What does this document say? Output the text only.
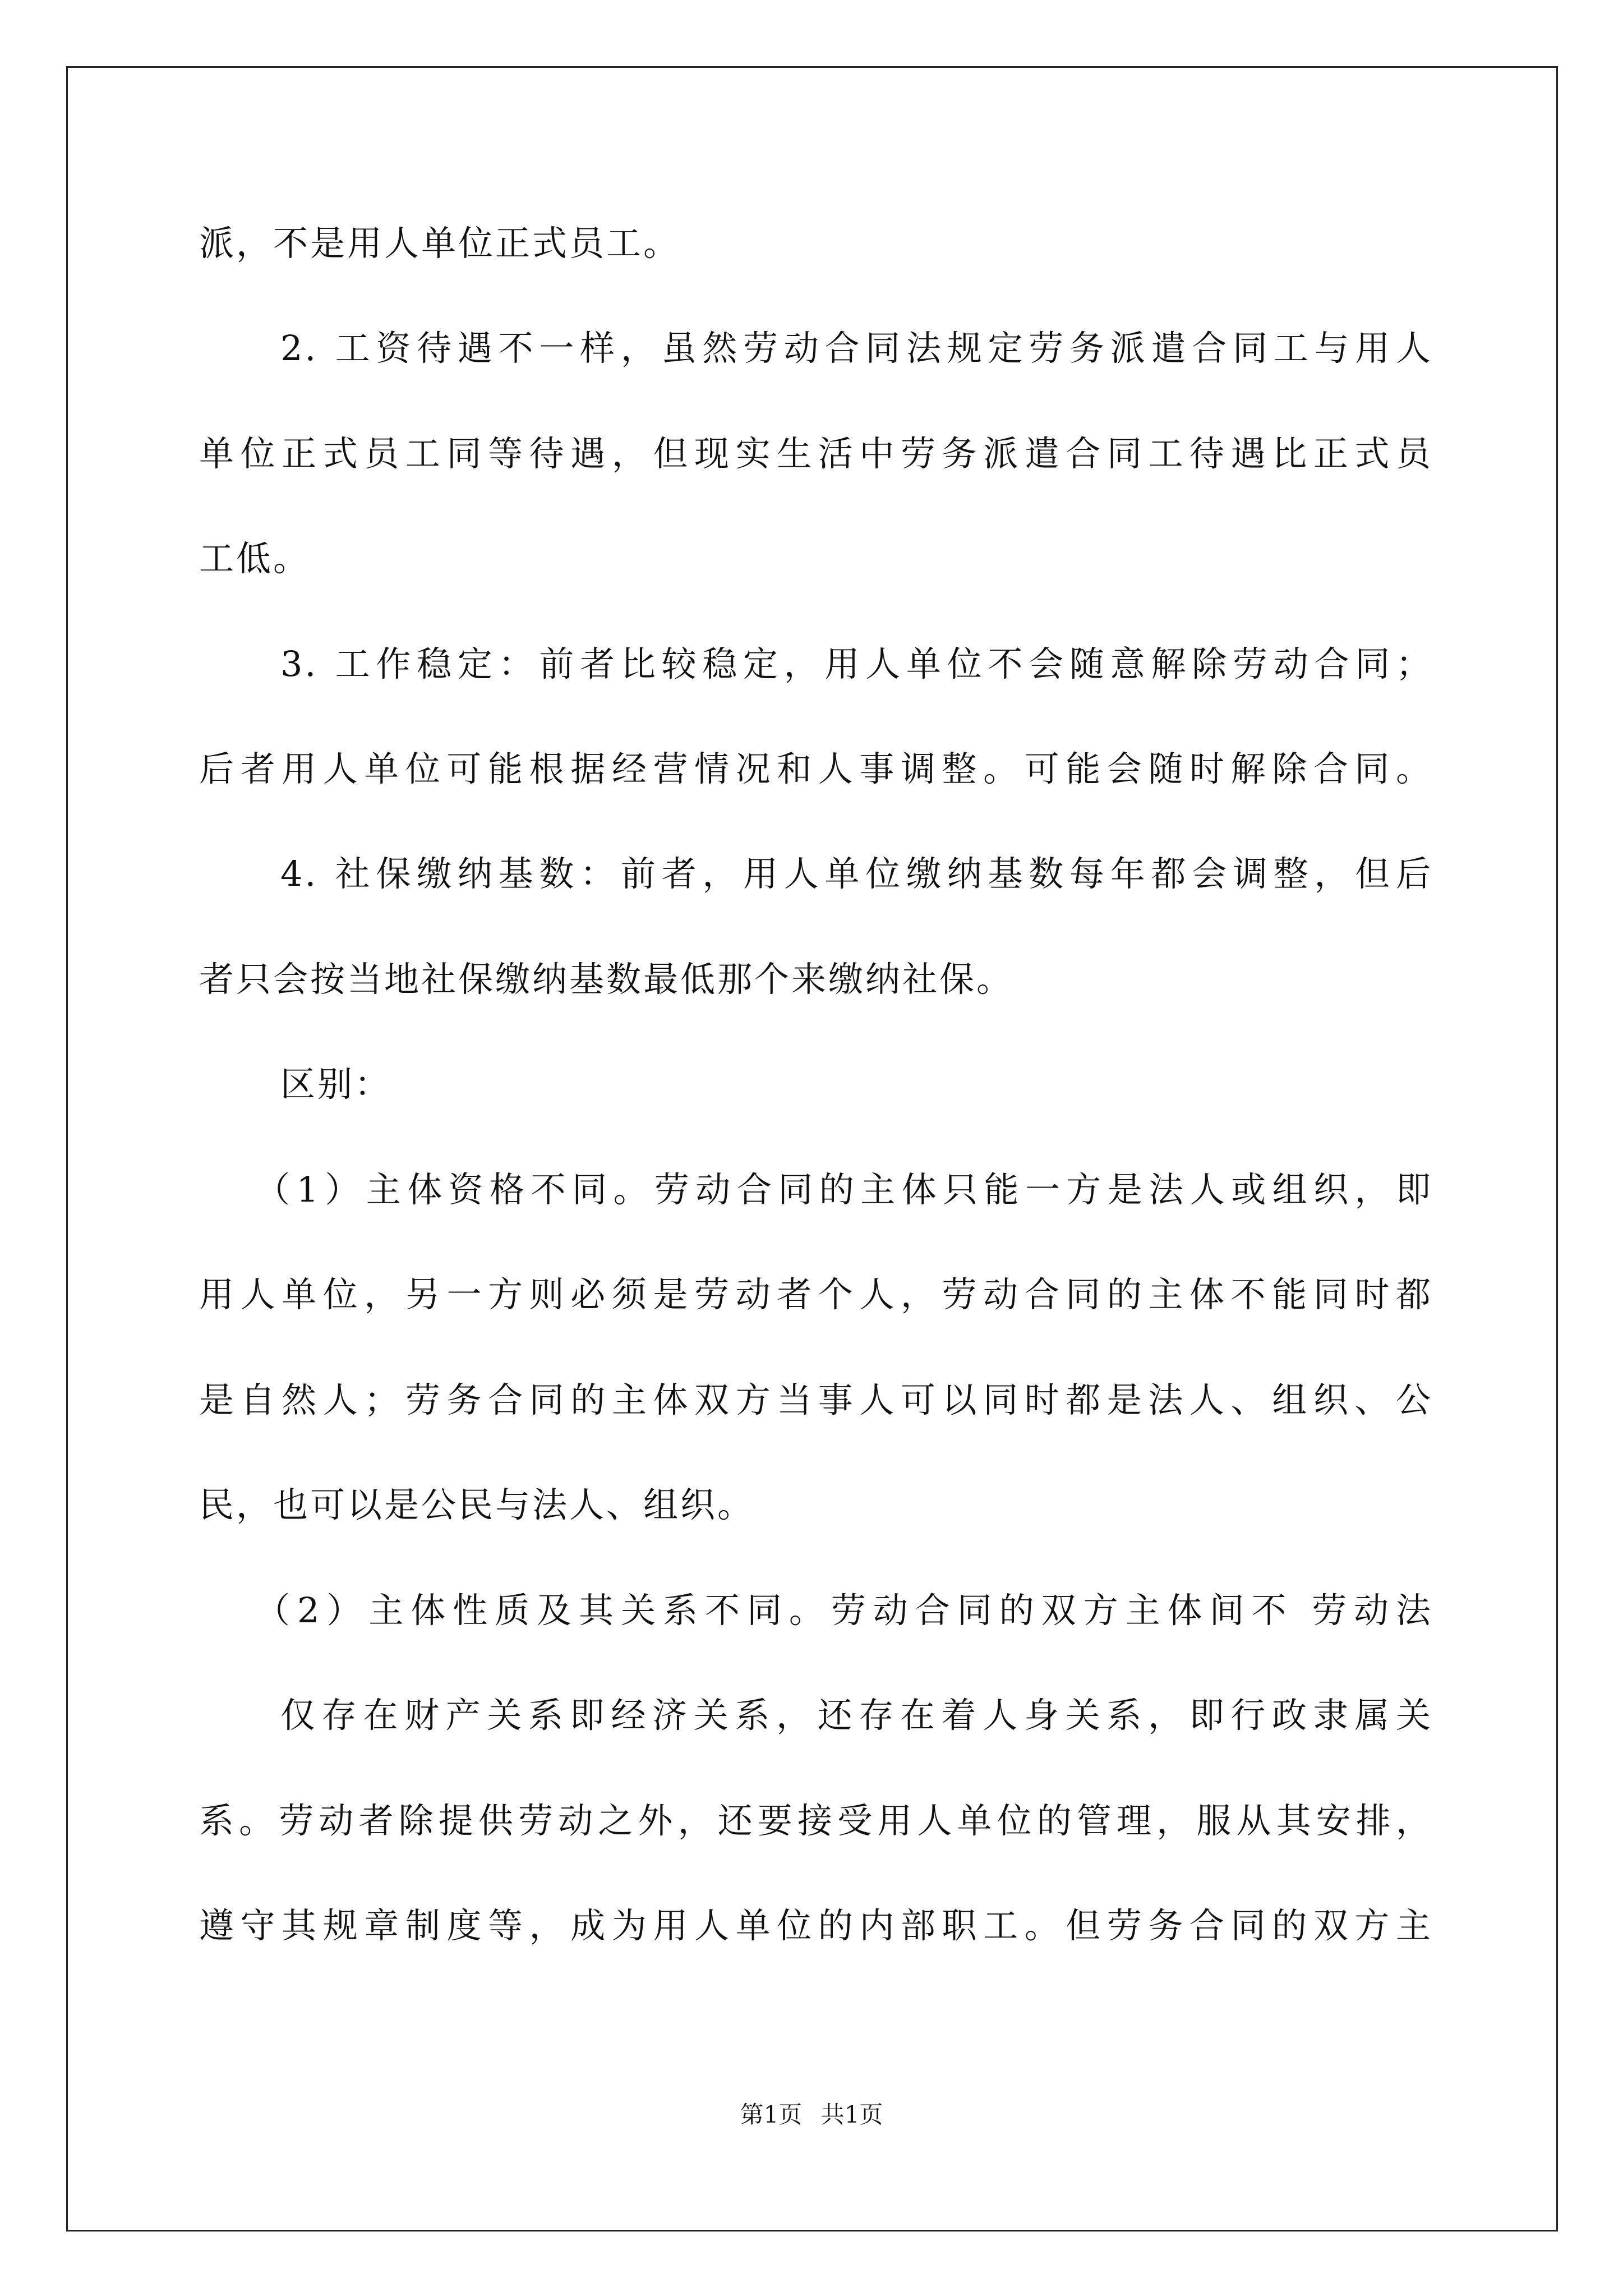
派，不是用人单位正式员工。
2. 工资待遇不一样，虽然劳动合同法规定劳务派遣合同工与用人
单位正式员工同等待遇，但现实生活中劳务派遣合同工待遇比正式员
工低。
3. 工作稳定：前者比较稳定，用人单位不会随意解除劳动合同；
后者用人单位可能根据经营情况和人事调整。可能会随时解除合同。
4. 社保缴纳基数：前者，用人单位缴纳基数每年都会调整，但后
者只会按当地社保缴纳基数最低那个来缴纳社保。
区别：
（1）主体资格不同。劳动合同的主体只能一方是法人或组织，即
用人单位，另一方则必须是劳动者个人，劳动合同的主体不能同时都
是自然人；劳务合同的主体双方当事人可以同时都是法人、组织、公
民，也可以是公民与法人、组织。
（2）主体性质及其关系不同。劳动合同的双方主体间不 劳动法
仅存在财产关系即经济关系，还存在着人身关系，即行政隶属关
系。劳动者除提供劳动之外，还要接受用人单位的管理，服从其安排，
遵守其规章制度等，成为用人单位的内部职工。但劳务合同的双方主
第1页 共1页
